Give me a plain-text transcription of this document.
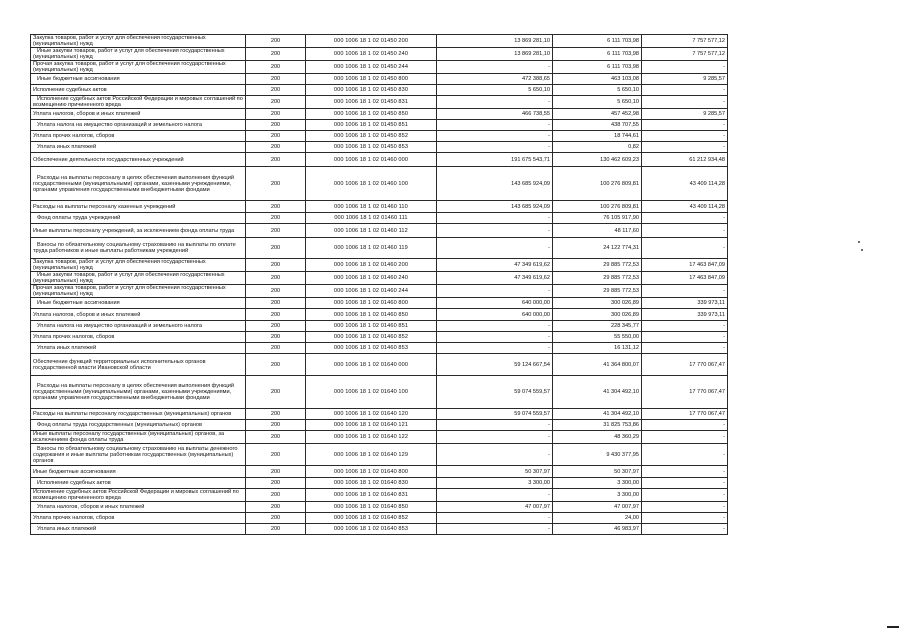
Закупка товаров, работ и услуг для обеспечения государственных (муниципальных) нужд	200	000 1006 18 1 02 01450 200	13 869 281,10	6 111 703,98	7 757 577,12
Иные закупки товаров, работ и услуг для обеспечения государственных (муниципальных) нужд	200	000 1006 18 1 02 01450 240	13 869 281,10	6 111 703,98	7 757 577,12
Прочая закупка товаров, работ и услуг для обеспечения государственных (муниципальных) нужд	200	000 1006 18 1 02 01450 244	-	6 111 703,98	-
Иные бюджетные ассигнования	200	000 1006 18 1 02 01450 800	472 388,65	463 103,08	9 285,57
Исполнение судебных актов	200	000 1006 18 1 02 01450 830	5 650,10	5 650,10	-
Исполнение судебных актов Российской Федерации и мировых соглашений по возмещению причиненного вреда	200	000 1006 18 1 02 01450 831	-	5 650,10	-
Уплата налогов, сборов и иных платежей	200	000 1006 18 1 02 01450 850	466 738,55	457 452,98	9 285,57
Уплата налога на имущество организаций и земельного налога	200	000 1006 18 1 02 01450 851	-	438 707,55	-
Уплата прочих налогов, сборов	200	000 1006 18 1 02 01450 852	-	18 744,61	-
Уплата иных платежей	200	000 1006 18 1 02 01450 853	-	0,82	-
Обеспечение деятельности государственных учреждений	200	000 1006 18 1 02 01460 000	191 675 543,71	130 462 609,23	61 212 934,48
Расходы на выплаты персоналу в целях обеспечения выполнения функций государственными (муниципальными) органами, казенными учреждениями, органами управления государственными внебюджетными фондами	200	000 1006 18 1 02 01460 100	143 685 924,09	100 276 809,81	43 409 114,28
Расходы на выплаты персоналу казенных учреждений	200	000 1006 18 1 02 01460 110	143 685 924,09	100 276 809,81	43 409 114,28
Фонд оплаты труда учреждений	200	000 1006 18 1 02 01460 111	-	76 105 917,90	-
Иные выплаты персоналу учреждений, за исключением фонда оплаты труда	200	000 1006 18 1 02 01460 112	-	48 117,60	-
Взносы по обязательному социальному страхованию на выплаты по оплате труда работников и иные выплаты работникам учреждений	200	000 1006 18 1 02 01460 119	-	24 122 774,31	-
Закупка товаров, работ и услуг для обеспечения государственных (муниципальных) нужд	200	000 1006 18 1 02 01460 200	47 349 619,62	29 885 772,53	17 463 847,09
Иные закупки товаров, работ и услуг для обеспечения государственных (муниципальных) нужд	200	000 1006 18 1 02 01460 240	47 349 619,62	29 885 772,53	17 463 847,09
Прочая закупка товаров, работ и услуг для обеспечения государственных (муниципальных) нужд	200	000 1006 18 1 02 01460 244	-	29 885 772,53	-
Иные бюджетные ассигнования	200	000 1006 18 1 02 01460 800	640 000,00	300 026,89	339 973,11
Уплата налогов, сборов и иных платежей	200	000 1006 18 1 02 01460 850	640 000,00	300 026,89	339 973,11
Уплата налога на имущество организаций и земельного налога	200	000 1006 18 1 02 01460 851	-	228 345,77	-
Уплата прочих налогов, сборов	200	000 1006 18 1 02 01460 852	-	55 550,00	-
Уплата иных платежей	200	000 1006 18 1 02 01460 853	-	16 131,12	-
Обеспечение функций территориальных исполнительных органов государственной власти Ивановской области	200	000 1006 18 1 02 01640 000	59 124 667,54	41 364 800,07	17 770 067,47
Расходы на выплаты персоналу в целях обеспечения выполнения функций государственными (муниципальными) органами, казенными учреждениями, органами управления государственными внебюджетными фондами	200	000 1006 18 1 02 01640 100	59 074 559,57	41 304 492,10	17 770 067,47
Расходы на выплаты персоналу государственных (муниципальных) органов	200	000 1006 18 1 02 01640 120	59 074 559,57	41 304 492,10	17 770 067,47
Фонд оплаты труда государственных (муниципальных) органов	200	000 1006 18 1 02 01640 121	-	31 825 753,86	-
Иные выплаты персоналу государственных (муниципальных) органов, за исключением фонда оплаты труда	200	000 1006 18 1 02 01640 122	-	48 360,29	-
Взносы по обязательному социальному страхованию на выплаты денежного содержания и иные выплаты работникам государственных (муниципальных) органов	200	000 1006 18 1 02 01640 129	-	9 430 377,95	-
Иные бюджетные ассигнования	200	000 1006 18 1 02 01640 800	50 307,97	50 307,97	-
Исполнение судебных актов	200	000 1006 18 1 02 01640 830	3 300,00	3 300,00	-
Исполнение судебных актов Российской Федерации и мировых соглашений по возмещению причиненного вреда	200	000 1006 18 1 02 01640 831	-	3 300,00	-
Уплата налогов, сборов и иных платежей	200	000 1006 18 1 02 01640 850	47 007,97	47 007,97	-
Уплата прочих налогов, сборов	200	000 1006 18 1 02 01640 852	-	24,00	-
Уплата иных платежей	200	000 1006 18 1 02 01640 853	-	46 983,97	-
